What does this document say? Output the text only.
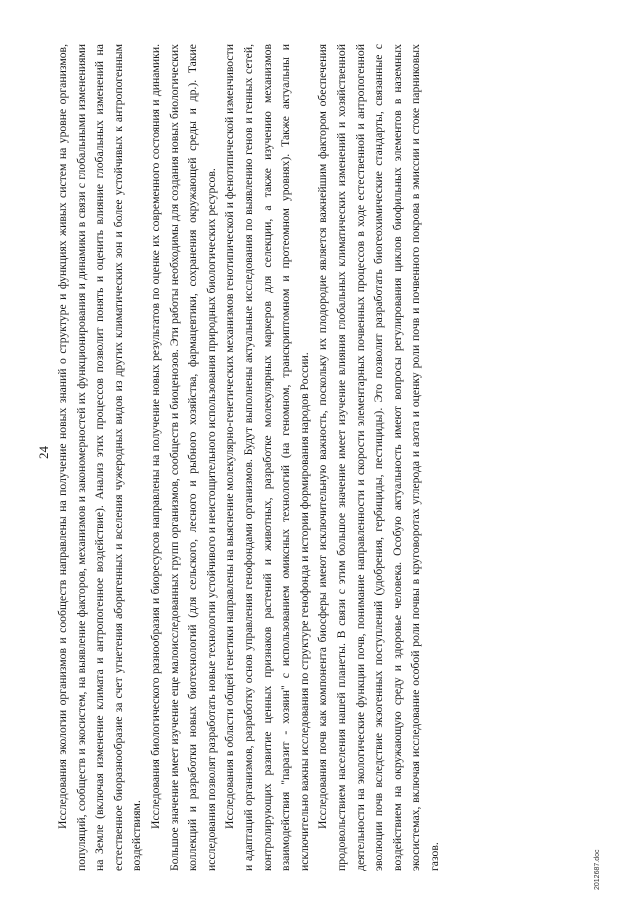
24 Исследования экологии организмов и сообществ направлены на получение новых знаний о структуре и функциях живых систем на уровне организмов, популяций, сообществ и экосистем, на выявление факторов, механизмов и закономерностей их функционирования и динамики в связи с глобальными изменениями на Земле (включая изменение климата и антропогенное воздействие). Анализ этих процессов позволит понять и оценить влияние глобальных изменений на естественное биоразнообразие за счет угнетения аборигенных и вселения чужеродных видов из других климатических зон и более устойчивых к антропогенным воздействиям.

Исследования биологического разнообразия и биоресурсов направлены на получение новых результатов по оценке их современного состояния и динамики. Большое значение имеет изучение еще малоисследованных групп организмов, сообществ и биоценозов. Эти работы необходимы для создания новых биологических коллекций и разработки новых биотехнологий (для сельского, лесного и рыбного хозяйства, фармацевтики, сохранения окружающей среды и др.). Такие исследования позволят разработать новые технологии устойчивого и неистощительного использования природных биологических ресурсов. Исследования в области общей генетики направлены на выяснение молекулярно-генетических механизмов генотипической и фенотипической изменчивости и адаптаций организмов, разработку основ управления генофондами организмов. Будут выполнены актуальные исследования по выявлению генов и генных сетей, контролирующих развитие ценных признаков растений и животных, разработке молекулярных маркеров для селекции, а также изучению механизмов взаимодействия "паразит - хозяин" с использованием омиксных технологий (на геномном, транскриптомном и протеомном уровнях). Также актуальны и исключительно важны исследования по структуре генофонда и истории формирования народов России. Исследования почв как компонента биосферы имеют исключительную важность, поскольку их плодородие является важнейшим фактором обеспечения продовольствием населения нашей планеты. В связи с этим большое значение имеет изучение влияния глобальных климатических изменений и хозяйственной деятельности на экологические функции почв, понимание направленности и скорости элементарных почвенных процессов в ходе естественной и антропогенной эволюции почв вследствие экзогенных поступлений (удобрения, гербициды, пестициды). Это позволит разработать биогеохимические стандарты, связанные с воздействием на окружающую среду и здоровье человека. Особую актуальность имеют вопросы регулирования циклов биофильных элементов в наземных экосистемах, включая исследование особой роли почвы в круговоротах углерода и азота и оценку роли почв и почвенного покрова в эмиссии и стоке парниковых газов.	2012687.doc
